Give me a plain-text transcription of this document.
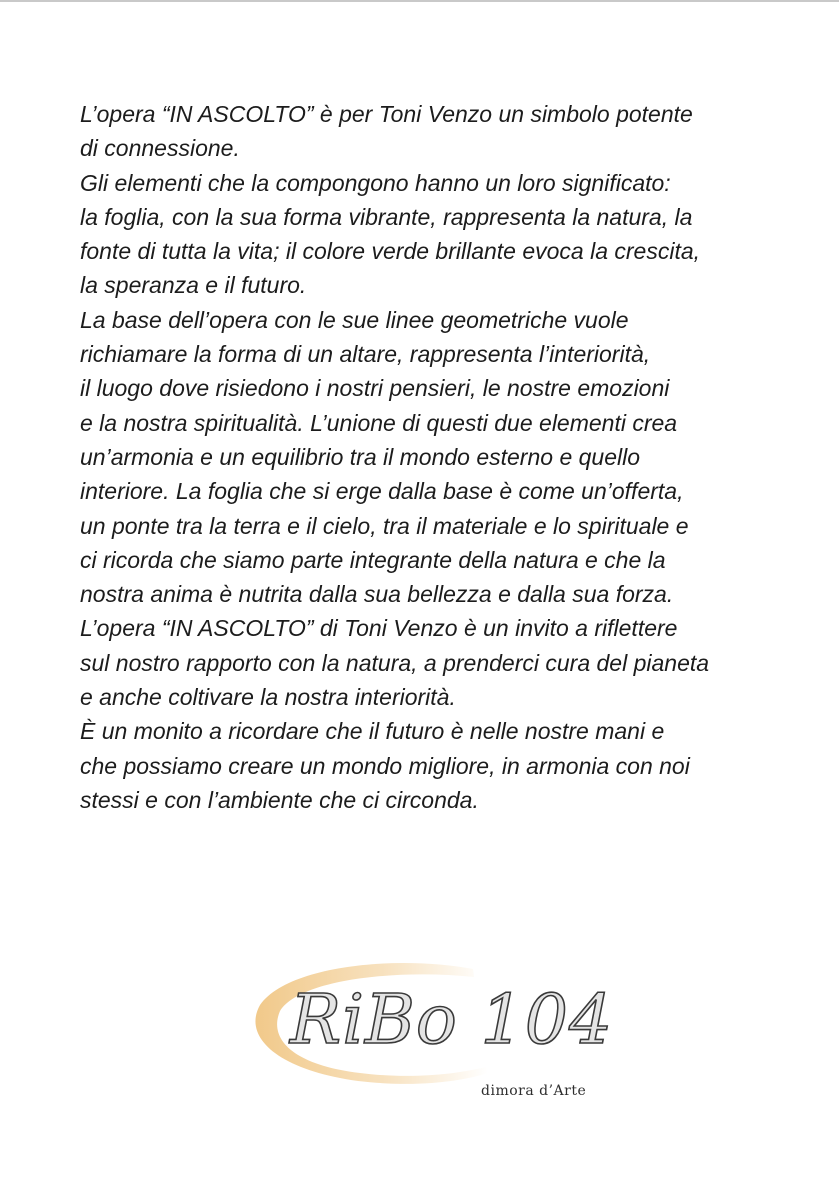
L’opera “IN ASCOLTO” è per Toni Venzo un simbolo potente

di connessione.

Gli elementi che la compongono hanno un loro significato:

la foglia, con la sua forma vibrante, rappresenta la natura, la

fonte di tutta la vita; il colore verde brillante evoca la crescita,

la speranza e il futuro.

La base dell’opera con le sue linee geometriche vuole

richiamare la forma di un altare, rappresenta l’interiorità,

il luogo dove risiedono i nostri pensieri, le nostre emozioni

e la nostra spiritualità. L’unione di questi due elementi crea

un’armonia e un equilibrio tra il mondo esterno e quello

interiore. La foglia che si erge dalla base è come un’offerta,

un ponte tra la terra e il cielo, tra il materiale e lo spirituale e

ci ricorda che siamo parte integrante della natura e che la

nostra anima è nutrita dalla sua bellezza e dalla sua forza.

L’opera “IN ASCOLTO” di Toni Venzo è un invito a riflettere

sul nostro rapporto con la natura, a prenderci cura del pianeta

e anche coltivare la nostra interiorità.

È un monito a ricordare che il futuro è nelle nostre mani e

che possiamo creare un mondo migliore, in armonia con noi

stessi e con l’ambiente che ci circonda.

RiBo 104
dimora d’Arte
